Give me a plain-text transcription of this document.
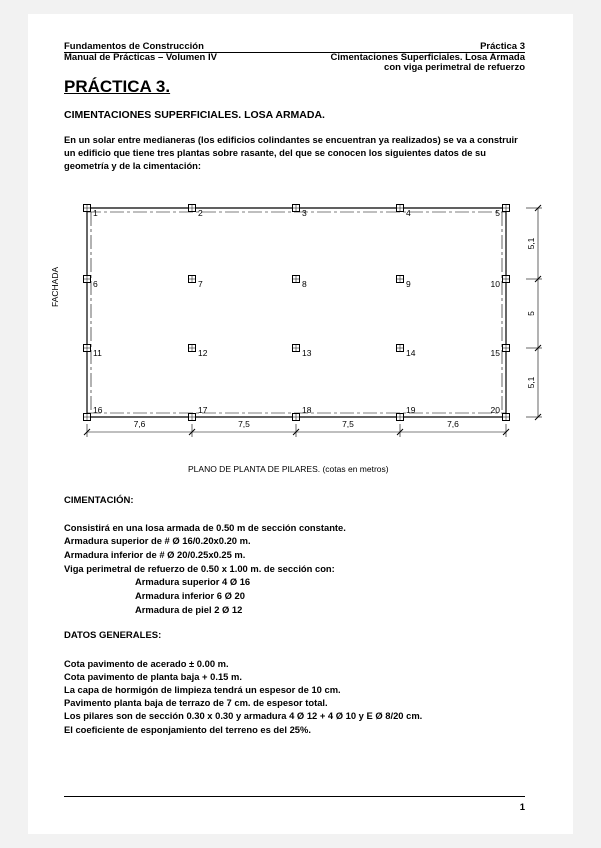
Fundamentos de Construcción
Manual de Prácticas – Volumen IV
Práctica 3
Cimentaciones Superficiales. Losa Armada
con viga perimetral de refuerzo
PRÁCTICA 3.
CIMENTACIONES SUPERFICIALES. LOSA ARMADA.
En un solar entre medianeras (los edificios colindantes se encuentran ya realizados) se va a construir un edificio que tiene tres plantas sobre rasante, del que se conocen los siguientes datos de su geometría y de la cimentación:
1	2	3	4	5
6	7	8	9	10
11	12	13	14	15
16	17	18	19	20
7,6	7,5	7,5	7,6
5,1
5
5,1
FACHADA
PLANO DE PLANTA DE PILARES. (cotas en metros)
CIMENTACIÓN:
Consistirá en una losa armada de 0.50 m de sección constante.
Armadura superior de # Ø 16/0.20x0.20 m.
Armadura inferior de # Ø 20/0.25x0.25 m.
Viga perimetral de refuerzo de 0.50 x 1.00 m. de sección con:
Armadura superior 4 Ø 16
Armadura inferior 6 Ø 20
Armadura de piel 2 Ø 12
DATOS GENERALES:
Cota pavimento de acerado ± 0.00 m.
Cota pavimento de planta baja + 0.15 m.
La capa de hormigón de limpieza tendrá un espesor de 10 cm.
Pavimento planta baja de terrazo de 7 cm. de espesor total.
Los pilares son de sección 0.30 x 0.30 y armadura 4 Ø 12 + 4 Ø 10 y E Ø 8/20 cm.
El coeficiente de esponjamiento del terreno es del 25%.
1
